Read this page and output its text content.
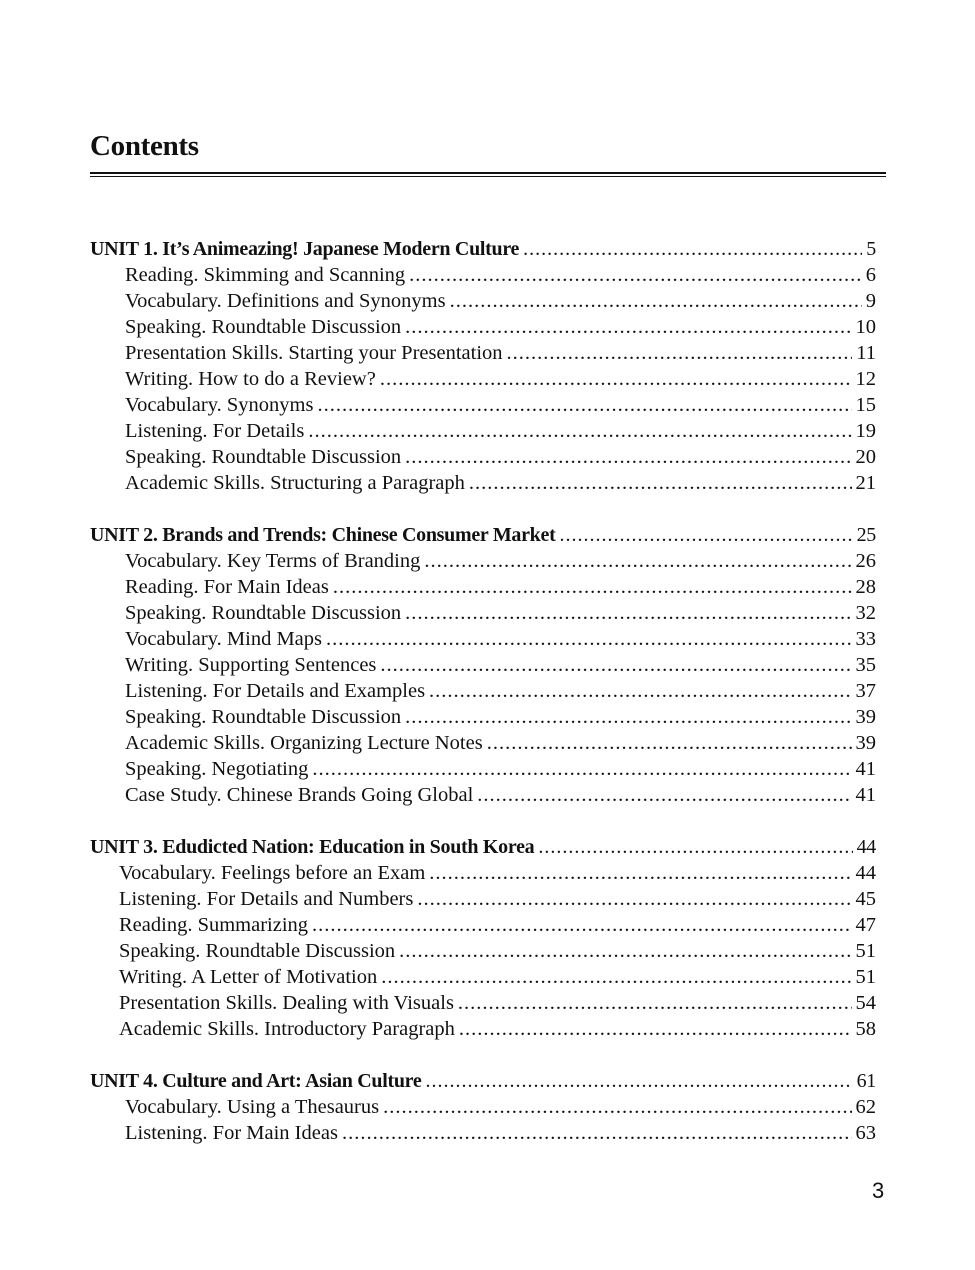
Contents
UNIT 1. It’s Animeazing! Japanese Modern Culture .....	5
Reading. Skimming and Scanning .....	6
Vocabulary. Definitions and Synonyms .....	9
Speaking. Roundtable Discussion .....	10
Presentation Skills. Starting your Presentation .....	11
Writing. How to do a Review? .....	12
Vocabulary. Synonyms .....	15
Listening. For Details .....	19
Speaking. Roundtable Discussion .....	20
Academic Skills. Structuring a Paragraph .....	21
UNIT 2. Brands and Trends: Chinese Consumer Market .....	25
Vocabulary. Key Terms of Branding .....	26
Reading. For Main Ideas .....	28
Speaking. Roundtable Discussion .....	32
Vocabulary. Mind Maps .....	33
Writing. Supporting Sentences .....	35
Listening. For Details and Examples .....	37
Speaking. Roundtable Discussion .....	39
Academic Skills. Organizing Lecture Notes .....	39
Speaking. Negotiating .....	41
Case Study. Chinese Brands Going Global .....	41
UNIT 3. Edudicted Nation: Education in South Korea .....	44
Vocabulary. Feelings before an Exam .....	44
Listening. For Details and Numbers .....	45
Reading. Summarizing .....	47
Speaking. Roundtable Discussion .....	51
Writing. A Letter of Motivation .....	51
Presentation Skills. Dealing with Visuals .....	54
Academic Skills. Introductory Paragraph .....	58
UNIT 4. Culture and Art: Asian Culture .....	61
Vocabulary. Using a Thesaurus .....	62
Listening. For Main Ideas .....	63
3
